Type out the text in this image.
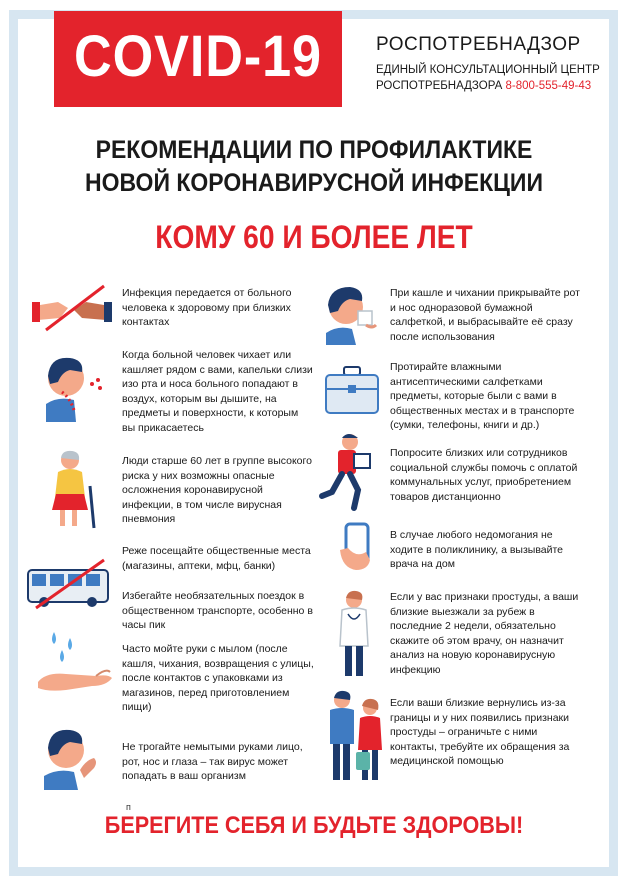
COVID-19	РОСПОТРЕБНАДЗОР
ЕДИНЫЙ КОНСУЛЬТАЦИОННЫЙ ЦЕНТР
РОСПОТРЕБНАДЗОРА 8-800-555-49-43
РЕКОМЕНДАЦИИ ПО ПРОФИЛАКТИКЕ
НОВОЙ КОРОНАВИРУСНОЙ ИНФЕКЦИИ
КОМУ 60 И БОЛЕЕ ЛЕТ
Инфекция передается от больного
человека к здоровому при близких
контактах
Когда больной человек чихает или
кашляет рядом с вами, капельки слизи
изо рта и носа больного попадают в
воздух, которым вы дышите, на
предметы и поверхности, к которым
вы прикасаетесь
Люди старше 60 лет в группе высокого
риска у них возможны опасные
осложнения коронавирусной
инфекции, в том числе вирусная
пневмония
Реже посещайте общественные места
(магазины, аптеки, мфц, банки)
Избегайте необязательных поездок в
общественном транспорте, особенно в
часы пик
Часто мойте руки с мылом (после
кашля, чихания, возвращения с улицы,
после контактов с упаковками из
магазинов, перед приготовлением
пищи)
Не трогайте немытыми руками лицо,
рот, нос и глаза – так вирус может
попадать в ваш организм
При кашле и чихании прикрывайте рот
и нос одноразовой бумажной
салфеткой, и выбрасывайте её сразу
после использования
Протирайте влажными
антисептическими салфетками
предметы, которые были с вами в
общественных местах и в транспорте
(сумки, телефоны, книги и др.)
Попросите близких или сотрудников
социальной службы помочь с оплатой
коммунальных услуг, приобретением
товаров дистанционно
В случае любого недомогания не
ходите в поликлинику, а вызывайте
врача на дом
Если у вас признаки простуды, а ваши
близкие выезжали за рубеж в
последние 2 недели, обязательно
скажите об этом врачу, он назначит
анализ на новую коронавирусную
инфекцию
Если ваши близкие вернулись из-за
границы и у них появились признаки
простуды – ограничьте с ними
контакты, требуйте их обращения за
медицинской помощью
п
БЕРЕГИТЕ СЕБЯ И БУДЬТЕ ЗДОРОВЫ!
